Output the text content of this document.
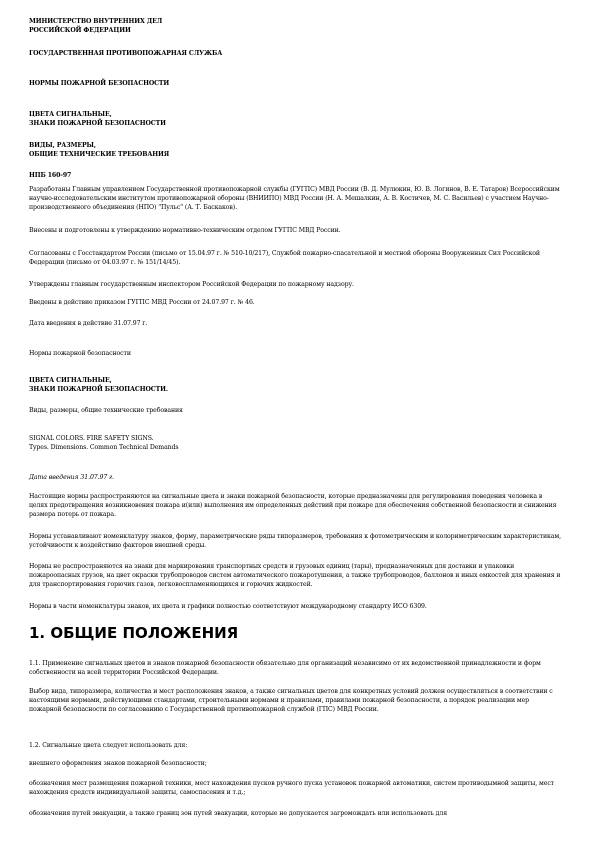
МИНИСТЕРСТВО ВНУТРЕННИХ ДЕЛ

РОССИЙСКОЙ ФЕДЕРАЦИИ

ГОСУДАРСТВЕННАЯ ПРОТИВОПОЖАРНАЯ СЛУЖБА

НОРМЫ ПОЖАРНОЙ БЕЗОПАСНОСТИ

ЦВЕТА СИГНАЛЬНЫЕ,

ЗНАКИ ПОЖАРНОЙ БЕЗОПАСНОСТИ

ВИДЫ, РАЗМЕРЫ,

ОБЩИЕ ТЕХНИЧЕСКИЕ ТРЕБОВАНИЯ

НПБ 160-97

Разработаны Главным управлением Государственной противопожарной службы (ГУГПС) МВД России (В. Д. Мулюкин, Ю. В. Логинов, В. Е. Татаров) Всероссийским научно-исследовательским институтом противопожарной обороны (ВНИИПО) МВД России (Н. А. Мешалкин, А. В. Костичев, М. С. Васильев) с участием Научно-производственного объединения (НПО) "Пульс" (А. Т. Баскаков).

Внесены и подготовлены к утверждению нормативно-техническим отделом ГУГПС МВД России.

Согласованы с Госстандартом России (письмо от 15.04.97 г. № 510-10/217), Службой пожарно-спасательной и местной обороны Вооруженных Сил Российской Федерации (письмо от 04.03.97 г. № 151/14/45).

Утверждены главным государственным инспектором Российской Федерации по пожарному надзору.

Введены в действие приказом ГУГПС МВД России от 24.07.97 г. № 46.

Дата введения в действие 31.07.97 г.

Нормы пожарной безопасности

ЦВЕТА СИГНАЛЬНЫЕ,

ЗНАКИ ПОЖАРНОЙ БЕЗОПАСНОСТИ.

Виды, размеры, общие технические требования

SIGNAL COLORS. FIRE SAFETY SIGNS.

Types. Dimensions. Common Technical Demands

Дата введения 31.07.97 г.

Настоящие нормы распространяются на сигнальные цвета и знаки пожарной безопасности, которые предназначены для регулирования поведения человека в целях предотвращения возникновения пожара и(или) выполнения им определенных действий при пожаре для обеспечения собственной безопасности и снижения размера потерь от пожара.

Нормы устанавливают номенклатуру знаков, форму, параметрические ряды типоразмеров, требования к фотометрическим и колориметрическим характеристикам, устойчивости к воздействию факторов внешней среды.

Нормы не распространяются на знаки для маркирования транспортных средств и грузовых единиц (тары), предназначенных для доставки и упаковки пожароопасных грузов, на цвет окраски трубопроводов систем автоматического пожаротушения, а также трубопроводов, баллонов и иных емкостей для хранения и для транспортирования горючих газов, легковоспламеняющихся и горючих жидкостей.

Нормы в части номенклатуры знаков, их цвета и графики полностью соответствуют международному стандарту ИСО 6309.

1. ОБЩИЕ ПОЛОЖЕНИЯ

1.1. Применение сигнальных цветов и знаков пожарной безопасности обязательно для организаций независимо от их ведомственной принадлежности и форм собственности на всей территории Российской Федерации.

Выбор вида, типоразмера, количества и мест расположения знаков, а также сигнальных цветов для конкретных условий должен осуществляться в соответствии с настоящими нормами, действующими стандартами, строительными нормами и правилами, правилами пожарной безопасности, а порядок реализации мер пожарной безопасности по согласованию с Государственной противопожарной службой (ГПС) МВД России.

1.2. Сигнальные цвета следует использовать для:

внешнего оформления знаков пожарной безопасности;

обозначения мест размещения пожарной техники, мест нахождения пусков ручного пуска установок пожарной автоматики, систем противодымной защиты, мест нахождения средств индивидуальной защиты, самоспасения и т.д.;

обозначения путей эвакуации, а также границ зон путей эвакуации, которые не допускается загромождать или использовать для
